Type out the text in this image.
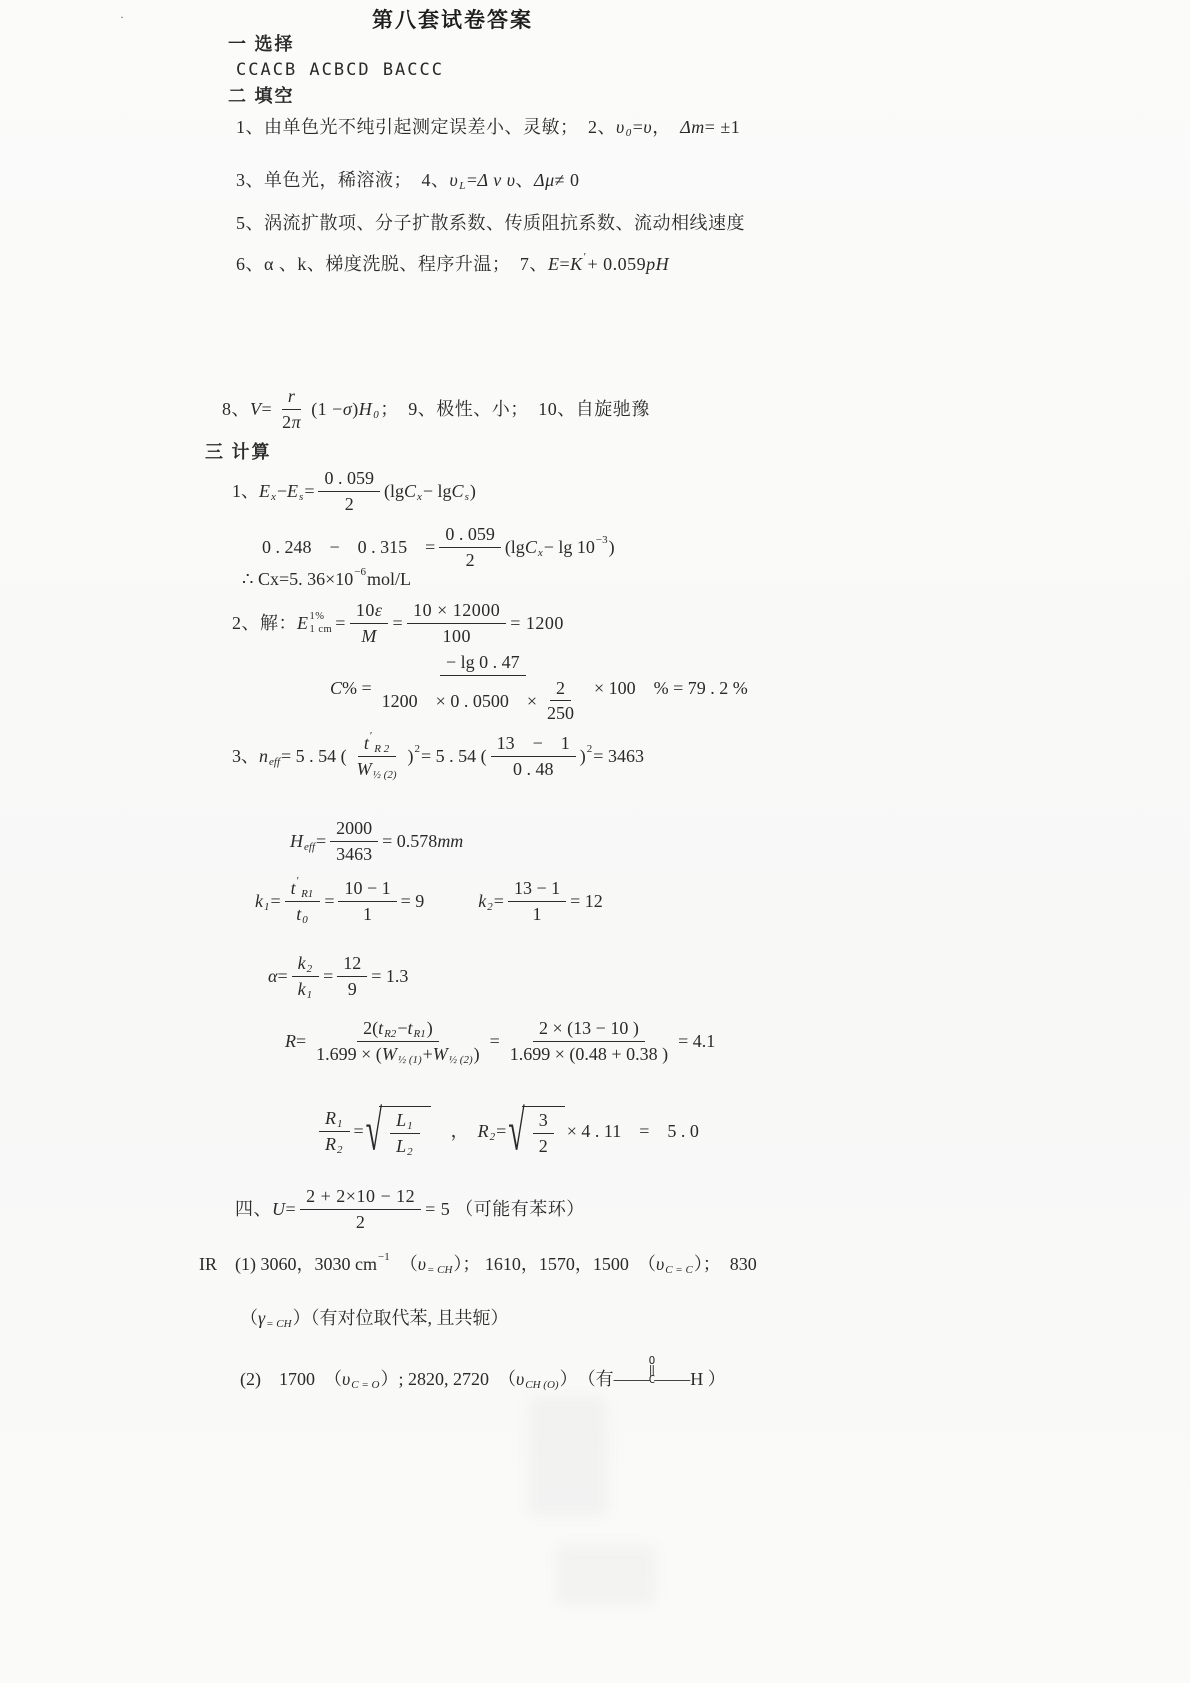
·	第八套试卷答案
一 选择
CCACB ACBCD BACCC
二 填空
1、由单色光不纯引起测定误差小、灵敏；　2、 υ 0 = υ ，　 Δm = ±1
3、单色光，稀溶液；　4、 υ L = Δ ν υ 、 Δμ ≠ 0
5、涡流扩散项、分子扩散系数、传质阻抗系数、流动相线速度
6、α 、k、梯度洗脱、程序升温；　7、 E = K ′ + 0.059 pH
8、 $V = \frac{r}{2 \pi} (1 - \sigma$ ) H 0 ；　9、极性、小；　10、自旋驰豫
三 计算
1、 E x − E $s = \frac{0 . 059}{2} (\lg$ C x − lg C s )
0 . 248　−　0 . 315　= $\frac{0 . 059}{2} (\lg$ C x − lg 10 −3 )
∴ Cx=5. 36×10 −6 mol/L
2、解： E 1%
1 cm = $\frac{10 \varepsilon}{M} = \frac{10 \times 12000}{100} = 1200$
C % = $\frac{- \lg 0 . 47}{1200 \times 0 . 0500 \times \frac{2}{250}} \times 100$　% = 79 . 2 %
3、 n eff = 5 . 54 ( t ′
R 2
W ½ (2) ) 2 = 5 . 54 ( $\frac{13 - 1}{0 . 48}$ ) 2 = 3463
H eff = $\frac{2000}{3463} = 0.578$ mm
k 1 = t ′
R1
t $0 = \frac{10 - 1}{1} = 9$　　　 k $2 = \frac{13 - 1}{1} = 12$
$\alpha = \frac{k 2}{k 1} = \frac{12}{9} = 1.3$
$R = \frac{\text{2( t R2 − t R1 )}}{\text{1.699 × ( W ½ (1) + W ½ (2) )}} = \frac{2 \times (13 - 10 )}{1.699 \times (0.48 + 0.38 )} = 4.1$
$\frac{R 1}{R 2}$ = √ $\frac{L 1}{L 2}$ 　，　 R 2 = √ $\frac{3}{2} \times 4$ . 11　=　5 . 0
四、 $U = \frac{2 + 2\times 10 - 12}{2} = 5$ （可能有苯环）
IR　(1) 3060，3030 cm −1 　（ υ = CH ）； 1610，1570，1500　（ υ C = C ）；　830
（ γ = CH ）（有对位取代苯, 且共轭）
(2)　1700　（ υ C = O ）; 2820, 2720　（ υ CH (O) ）　（有 ——
O
‖
C ——H ）
